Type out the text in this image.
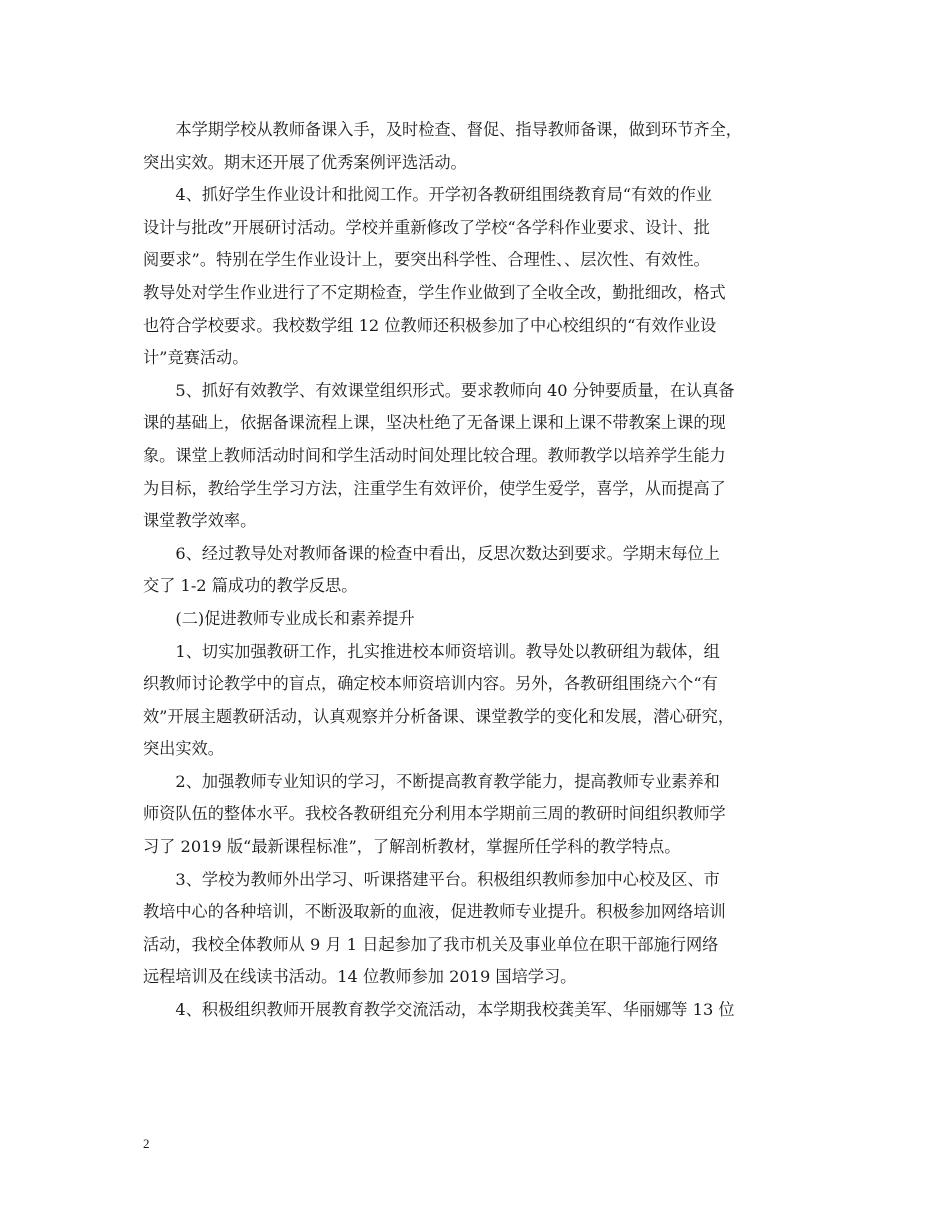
本学期学校从教师备课入手，及时检查、督促、指导教师备课，做到环节齐全，
突出实效。期末还开展了优秀案例评选活动。

4、抓好学生作业设计和批阅工作。开学初各教研组围绕教育局“有效的作业
设计与批改”开展研讨活动。学校并重新修改了学校“各学科作业要求、设计、批
阅要求”。特别在学生作业设计上，要突出科学性、合理性、、层次性、有效性。
教导处对学生作业进行了不定期检查，学生作业做到了全收全改，勤批细改，格式
也符合学校要求。我校数学组 12 位教师还积极参加了中心校组织的“有效作业设
计”竞赛活动。

5、抓好有效教学、有效课堂组织形式。要求教师向 40 分钟要质量，在认真备
课的基础上，依据备课流程上课，坚决杜绝了无备课上课和上课不带教案上课的现
象。课堂上教师活动时间和学生活动时间处理比较合理。教师教学以培养学生能力
为目标，教给学生学习方法，注重学生有效评价，使学生爱学，喜学，从而提高了
课堂教学效率。

6、经过教导处对教师备课的检查中看出，反思次数达到要求。学期末每位上
交了 1-2 篇成功的教学反思。

(二)促进教师专业成长和素养提升

1、切实加强教研工作，扎实推进校本师资培训。教导处以教研组为载体，组
织教师讨论教学中的盲点，确定校本师资培训内容。另外，各教研组围绕六个“有
效”开展主题教研活动，认真观察并分析备课、课堂教学的变化和发展，潜心研究，
突出实效。

2、加强教师专业知识的学习，不断提高教育教学能力，提高教师专业素养和
师资队伍的整体水平。我校各教研组充分利用本学期前三周的教研时间组织教师学
习了 2019 版“最新课程标准”，了解剖析教材，掌握所任学科的教学特点。

3、学校为教师外出学习、听课搭建平台。积极组织教师参加中心校及区、市
教培中心的各种培训，不断汲取新的血液，促进教师专业提升。积极参加网络培训
活动，我校全体教师从 9 月 1 日起参加了我市机关及事业单位在职干部施行网络
远程培训及在线读书活动。14 位教师参加 2019 国培学习。

4、积极组织教师开展教育教学交流活动，本学期我校龚美军、华丽娜等 13 位

2
